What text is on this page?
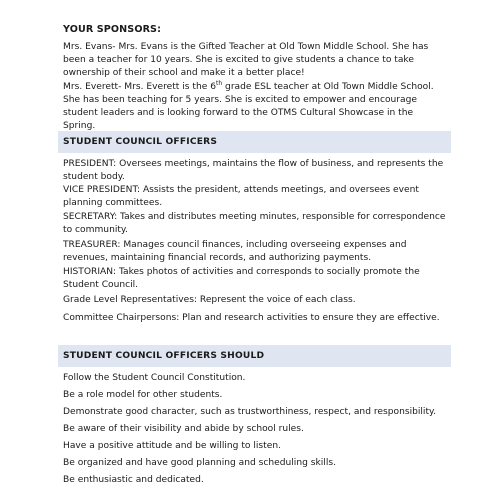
YOUR SPONSORS:

Mrs. Evans- Mrs. Evans is the Gifted Teacher at Old Town Middle School. She has been a teacher for 10 years. She is excited to give students a chance to take ownership of their school and make it a better place!

Mrs. Everett- Mrs. Everett is the 6th grade ESL teacher at Old Town Middle School. She has been teaching for 5 years. She is excited to empower and encourage student leaders and is looking forward to the OTMS Cultural Showcase in the Spring.

STUDENT COUNCIL OFFICERS

PRESIDENT: Oversees meetings, maintains the flow of business, and represents the student body.

VICE PRESIDENT: Assists the president, attends meetings, and oversees event planning committees.

SECRETARY: Takes and distributes meeting minutes, responsible for correspondence to community.

TREASURER: Manages council finances, including overseeing expenses and revenues, maintaining financial records, and authorizing payments.

HISTORIAN: Takes photos of activities and corresponds to socially promote the Student Council.

Grade Level Representatives: Represent the voice of each class.

Committee Chairpersons: Plan and research activities to ensure they are effective.

STUDENT COUNCIL OFFICERS SHOULD

Follow the Student Council Constitution.

Be a role model for other students.

Demonstrate good character, such as trustworthiness, respect, and responsibility.

Be aware of their visibility and abide by school rules.

Have a positive attitude and be willing to listen.

Be organized and have good planning and scheduling skills.

Be enthusiastic and dedicated.
